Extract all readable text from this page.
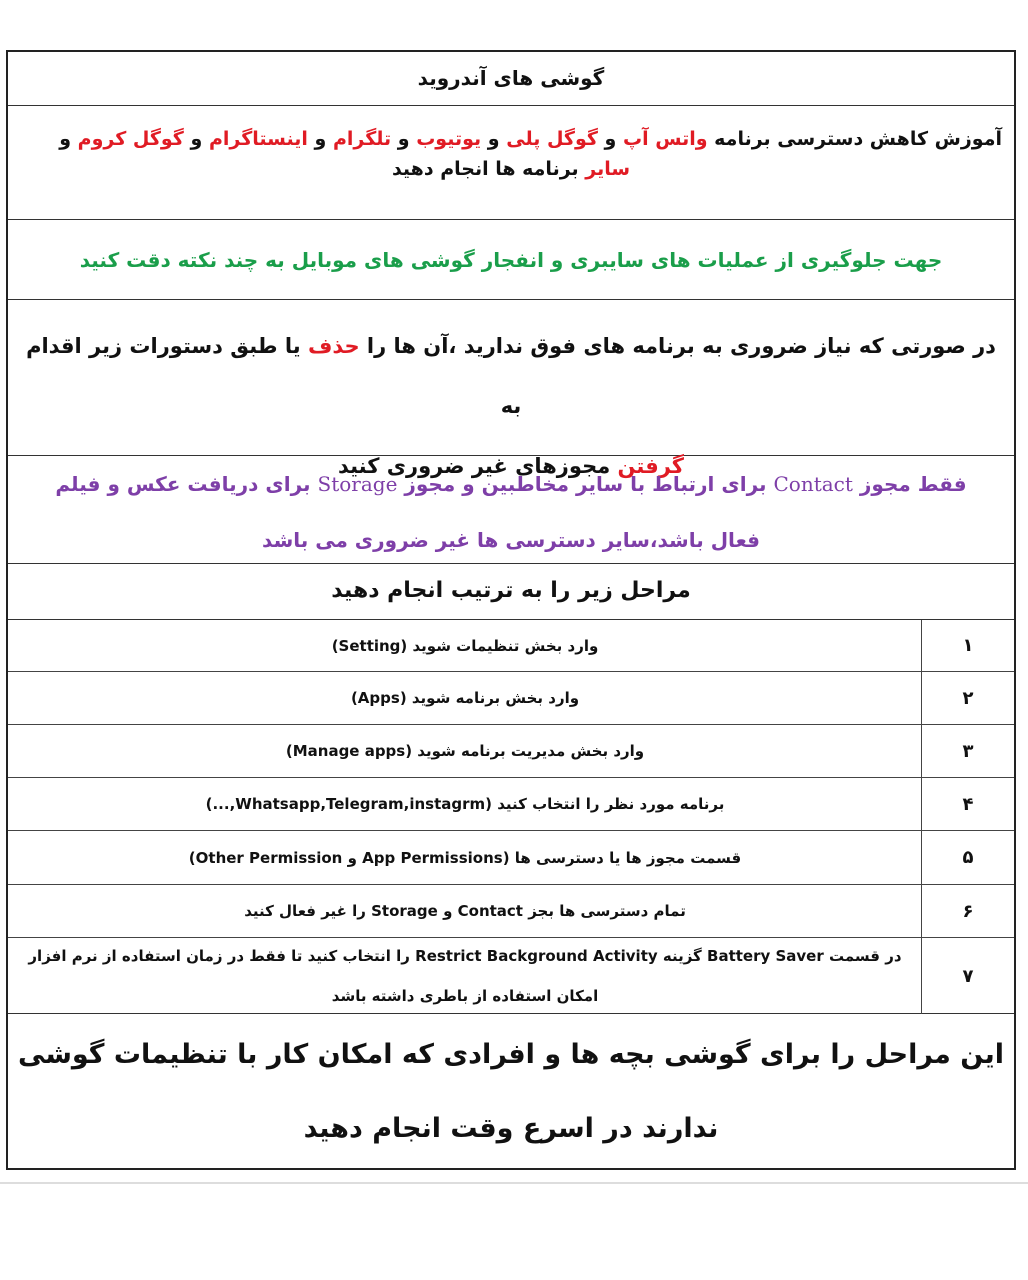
گوشی های آندروید
آموزش کاهش دسترسی برنامه واتس آپ و گوگل پلی و یوتیوب و تلگرام و اینستاگرام و گوگل کروم و
سایر برنامه ها انجام دهید
جهت جلوگیری از عملیات های سایبری و انفجار گوشی های موبایل به چند نکته دقت کنید
در صورتی که نیاز ضروری به برنامه های فوق ندارید ،آن ها را حذف یا طبق دستورات زیر اقدام به
گرفتن مجوزهای غیر ضروری کنید
فقط مجوز Contact برای ارتباط با سایر مخاطبین و مجوز Storage برای دریافت عکس و فیلم
فعال باشد،سایر دسترسی ها غیر ضروری می باشد
مراحل زیر را به ترتیب انجام دهید
۱
وارد بخش تنظیمات شوید (Setting)
۲
وارد بخش برنامه شوید (Apps)
۳
وارد بخش مدیریت برنامه شوید (Manage apps)
۴
برنامه مورد نظر را انتخاب کنید (Whatsapp,Telegram,instagrm,...)
۵
قسمت مجوز ها یا دسترسی ها (App Permissions و Other Permission)
۶
تمام دسترسی ها بجز Contact و Storage را غیر فعال کنید
۷
در قسمت Battery Saver گزینه Restrict Background Activity را انتخاب کنید تا فقط در زمان استفاده از نرم افزار امکان استفاده از باطری داشته باشد
این مراحل را برای گوشی بچه ها و افرادی که امکان کار با تنظیمات گوشی
ندارند در اسرع وقت انجام دهید
